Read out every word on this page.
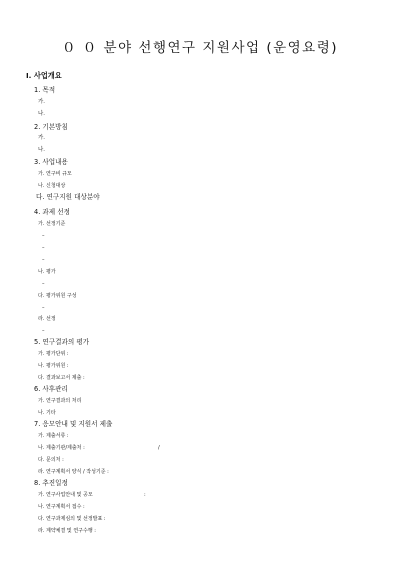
０ ０ 분야 선행연구 지원사업 (운영요령)
I. 사업개요
1. 목적
가.
나.
2. 기본방침
가.
나.
3. 사업내용
가. 연구비 규모
나. 신청대상
다. 연구지원 대상분야
4. 과제 선정
가. 선정기준
–
–
–
나. 평가
–
다. 평가위원 구성
–
라. 선정
–
5. 연구결과의 평가
가. 평가단위 :
나. 평가위원 :
다. 결과보고서 제출 :
6. 사후관리
가. 연구결과의 처리
나. 기타
7. 응모안내 및 지원서 제출
가. 제출서류 :
나. 제출기관/제출처 :	/
다. 문의처 :
라. 연구계획서 양식 / 작성기준 :
8. 추진일정
가. 연구사업안내 및 공모	:
나. 연구계획서 접수 :
다. 연구과제심의 및 선정발표 :
라. 계약체결 및 연구수행 :
